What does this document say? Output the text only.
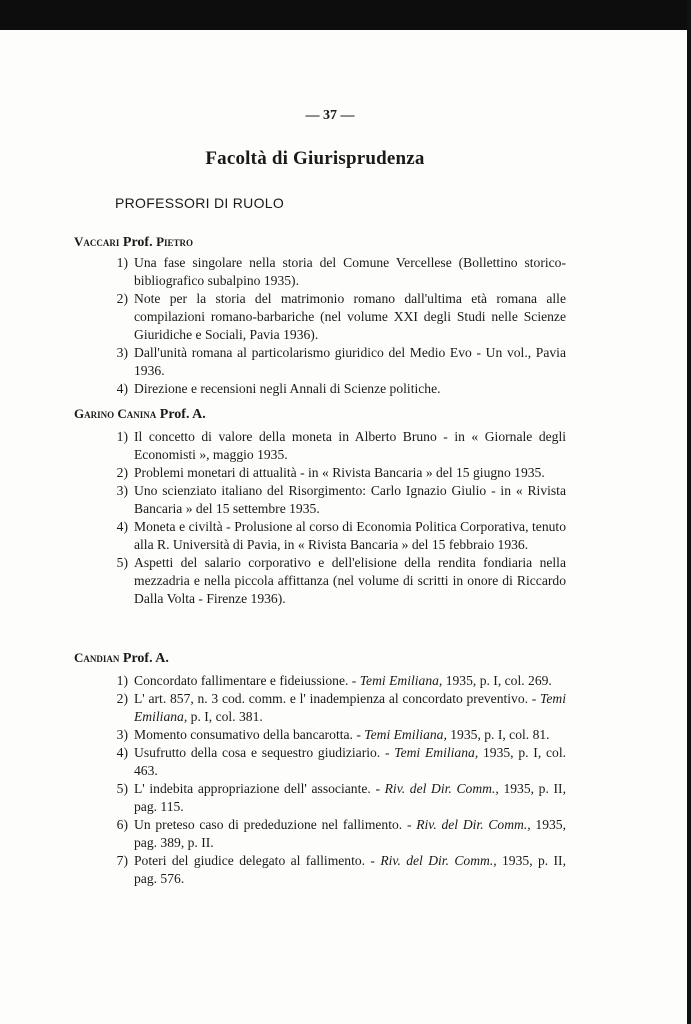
— 37 —
Facoltà di Giurisprudenza
PROFESSORI DI RUOLO
Vaccari Prof. Pietro
1) Una fase singolare nella storia del Comune Vercellese (Bollettino storico-bibliografico subalpino 1935).
2) Note per la storia del matrimonio romano dall'ultima età romana alle compilazioni romano-barbariche (nel volume XXI degli Studi nelle Scienze Giuridiche e Sociali, Pavia 1936).
3) Dall'unità romana al particolarismo giuridico del Medio Evo - Un vol., Pavia 1936.
4) Direzione e recensioni negli Annali di Scienze politiche.
Garino Canina Prof. A.
1) Il concetto di valore della moneta in Alberto Bruno - in « Giornale degli Economisti », maggio 1935.
2) Problemi monetari di attualità - in « Rivista Bancaria » del 15 giugno 1935.
3) Uno scienziato italiano del Risorgimento: Carlo Ignazio Giulio - in « Rivista Bancaria » del 15 settembre 1935.
4) Moneta e civiltà - Prolusione al corso di Economia Politica Corporativa, tenuto alla R. Università di Pavia, in « Rivista Bancaria » del 15 febbraio 1936.
5) Aspetti del salario corporativo e dell'elisione della rendita fondiaria nella mezzadria e nella piccola affittanza (nel volume di scritti in onore di Riccardo Dalla Volta - Firenze 1936).
Candian Prof. A.
1) Concordato fallimentare e fideiussione. - Temi Emiliana, 1935, p. I, col. 269.
2) L' art. 857, n. 3 cod. comm. e l' inadempienza al concordato preventivo. - Temi Emiliana, p. I, col. 381.
3) Momento consumativo della bancarotta. - Temi Emiliana, 1935, p. I, col. 81.
4) Usufrutto della cosa e sequestro giudiziario. - Temi Emiliana, 1935, p. I, col. 463.
5) L' indebita appropriazione dell' associante. - Riv. del Dir. Comm., 1935, p. II, pag. 115.
6) Un preteso caso di prededuzione nel fallimento. - Riv. del Dir. Comm., 1935, pag. 389, p. II.
7) Poteri del giudice delegato al fallimento. - Riv. del Dir. Comm., 1935, p. II, pag. 576.
